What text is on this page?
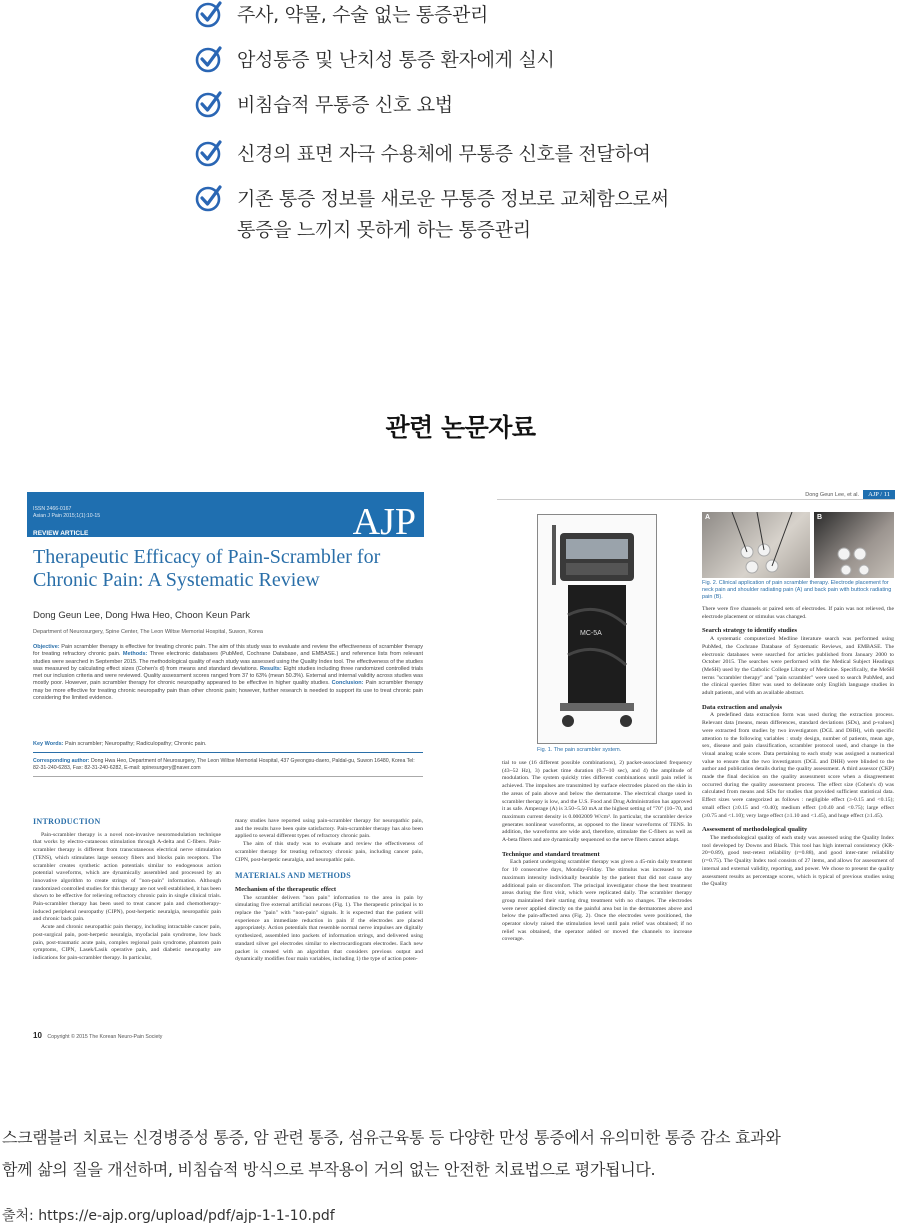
주사, 약물, 수술 없는 통증관리
암성통증 및 난치성 통증 환자에게 실시
비침습적 무통증 신호 요법
신경의 표면 자극 수용체에 무통증 신호를 전달하여
기존 통증 정보를 새로운 무통증 정보로 교체함으로써
통증을 느끼지 못하게 하는 통증관리
관련 논문자료
ISSN 2466-0167
Asian J Pain 2015;1(1):10-15
REVIEW ARTICLE	AJP
Therapeutic Efficacy of Pain-Scrambler for Chronic Pain: A Systematic Review
Dong Geun Lee, Dong Hwa Heo, Choon Keun Park
Department of Neurosurgery, Spine Center, The Leon Wiltse Memorial Hospital, Suwon, Korea
Objective: Pain scrambler therapy is effective for treating chronic pain. The aim of this study was to evaluate and review the effectiveness of scrambler therapy for treating refractory chronic pain. Methods: Three electronic databases (PubMed, Cochrane Database, and EMBASE.) and reference lists from relevant studies were searched in September 2015. The methodological quality of each study was assessed using the Quality Index tool. The effectiveness of the studies was measured by calculating effect sizes (Cohen's d) from means and standard deviations. Results: Eight studies including three randomized controlled trials met our inclusion criteria and were reviewed. Quality assessment scores ranged from 37 to 63% (mean 50.3%). External and internal validity across studies was mostly poor. However, pain scrambler therapy for chronic neuropathy appeared to be effective in higher quality studies. Conclusion: Pain scrambler therapy may be more effective for treating chronic neuropathy pain than other chronic pain; however, further research is needed to support its use to treat chronic pain considering the limited evidence.
Key Words: Pain scrambler; Neuropathy; Radiculopathy; Chronic pain.
Corresponding author: Dong Hwa Heo, Department of Neurosurgery, The Leon Wiltse Memorial Hospital, 437 Gyeongsu-daero, Paldal-gu, Suwon 16480, Korea Tel: 82-31-240-6283, Fax: 82-31-240-6282, E-mail: spinesurgery@naver.com
INTRODUCTION

Pain-scrambler therapy is a novel non-invasive neuromodulation technique that works by electro-cutaneous stimulation through A-delta and C-fibers. Pain-scrambler therapy is different from transcutaneous electrical nerve stimulation (TENS), which stimulates large sensory fibers and blocks pain receptors. The scrambler creates synthetic action potentials similar to endogenous action potential waveforms, which are dynamically assembled and processed by an innovative algorithm to create strings of "non-pain" information. Although randomized controlled studies for this therapy are not well established, it has been shown to be effective for relieving refractory chronic pain in single clinical trials. Pain-scrambler therapy has been used to treat cancer pain and chemotherapy-induced peripheral neuropathy (CIPN), post-herpetic neuralgia, neuropathic pain and chronic back pain.

Acute and chronic neuropathic pain therapy, including intractable cancer pain, post-surgical pain, post-herpetic neuralgia, myofacial pain syndrome, low back pain, post-traumatic acute pain, complex regional pain syndrome, phantom pain symptoms, CIPN, Lasek/Lasik operative pain, and diabetic neuropathy are indications for pain-scrambler therapy. In particular,

many studies have reported using pain-scrambler therapy for neuropathic pain, and the results have been quite satisfactory. Pain-scrambler therapy has also been applied to several different types of refractory chronic pain.

The aim of this study was to evaluate and review the effectiveness of scrambler therapy for treating refractory chronic pain, including cancer pain, CIPN, post-herpetic neuralgia, and neuropathic pain.

MATERIALS AND METHODS
Mechanism of the therapeutic effect

The scrambler delivers "non pain" information to the area in pain by simulating five external artificial neurons (Fig. 1). The therapeutic principal is to replace the "pain" with "non-pain" signals. It is expected that the patient will experience an immediate reduction in pain if the electrodes are placed appropriately. Action potentials that resemble normal nerve impulses are digitally synthesized, assembled into packets of information strings, and delivered using standard silver gel electrodes similar to electrocardiogram electrodes. Each new packet is created with an algorithm that considers previous output and dynamically modifies four main variables, including 1) the type of action poten-

10 Copyright © 2015 The Korean Neuro-Pain Society
Dong Geun Lee, et al.	AJP / 11
MC-5A
Fig. 1. The pain scrambler system.
A	B
Fig. 2. Clinical application of pain scrambler therapy. Electrode placement for neck pain and shoulder radiating pain (A) and back pain with buttock radiating pain (B).

tial to use (16 different possible combinations), 2) packet-associated frequency (43~52 Hz), 3) packet time duration (0.7~10 sec), and 4) the amplitude of modulation. The system quickly tries different combinations until pain relief is achieved. The impulses are transmitted by surface electrodes placed on the skin in the areas of pain above and below the dermatome. The electrical charge used in scrambler therapy is low, and the U.S. Food and Drug Administration has approved it as safe. Amperage (A) is 3.50~5.50 mA at the highest setting of "70" (10~70, and maximum current density is 0.0002009 W/cm². In particular, the scrambler device generates nonlinear waveforms, as opposed to the linear waveforms of TENS. In addition, the waveforms are wide and, therefore, stimulate the C-fibers as well as A-beta fibers and are dynamically sequenced so the nerve fibers cannot adapt.

Technique and standard treatment

Each patient undergoing scrambler therapy was given a 45-min daily treatment for 10 consecutive days, Monday-Friday. The stimulus was increased to the maximum intensity individually bearable by the patient that did not cause any additional pain or discomfort. The principal investigator chose the best treatment areas during the first visit, which were replicated daily. The scrambler therapy group maintained their starting drug treatment with no changes. The electrodes were never applied directly on the painful area but in the dermatomes above and below the pain-affected area (Fig. 2). Once the electrodes were positioned, the operator slowly raised the stimulation level until pain relief was obtained; if no relief was obtained, the operator added or moved the channels to increase coverage.

There were five channels or paired sets of electrodes. If pain was not relieved, the electrode placement or stimulus was changed.

Search strategy to identify studies

A systematic computerized Medline literature search was performed using PubMed, the Cochrane Database of Systematic Reviews, and EMBASE. The electronic databases were searched for articles published from January 2000 to October 2015. The searches were performed with the Medical Subject Headings (MeSH) used by the Catholic College Library of Medicine. Specifically, the MeSH terms "scrambler therapy" and "pain scrambler" were used to search PubMed, and the clinical queries filter was used to delineate only English language studies in adult patients, and with an available abstract.

Data extraction and analysis

A predefined data extraction form was used during the extraction process. Relevant data [means, mean differences, standard deviations (SDs), and p-values] were extracted from studies by two investigators (DGL and DHH), with specific attention to the following variables : study design, number of patients, mean age, sex, disease and pain classification, scrambler protocol used, and change in the visual analog scale score. Data pertaining to each study was assigned a numerical value to ensure that the two investigators (DGL and DHH) were blinded to the author and publication details during the quality assessment. A third assessor (CKP) made the final decision on the quality assessment score when a disagreement occurred during the quality assessment process. The effect size (Cohen's d) was calculated from means and SDs for studies that provided sufficient statistical data. Effect sizes were categorized as follows : negligible effect (≥-0.15 and <0.15); small effect (≥0.15 and <0.40); medium effect (≥0.40 and <0.75); large effect (≥0.75 and <1.10); very large effect (≥1.10 and <1.45), and huge effect (≥1.45).

Assessment of methodological quality

The methodological quality of each study was assessed using the Quality Index tool developed by Downs and Black. This tool has high internal consistency (KR-20=0.89), good test-retest reliability (r=0.88), and good inter-rater reliability (r=0.75). The Quality Index tool consists of 27 items, and allows for assessment of internal and external validity, reporting, and power. We chose to present the quality assessment results as percentage scores, which is typical of previous studies using the Quality

스크램블러 치료는 신경병증성 통증, 암 관련 통증, 섬유근육통 등 다양한 만성 통증에서 유의미한 통증 감소 효과와
함께 삶의 질을 개선하며, 비침습적 방식으로 부작용이 거의 없는 안전한 치료법으로 평가됩니다.
출처: https://e-ajp.org/upload/pdf/ajp-1-1-10.pdf
